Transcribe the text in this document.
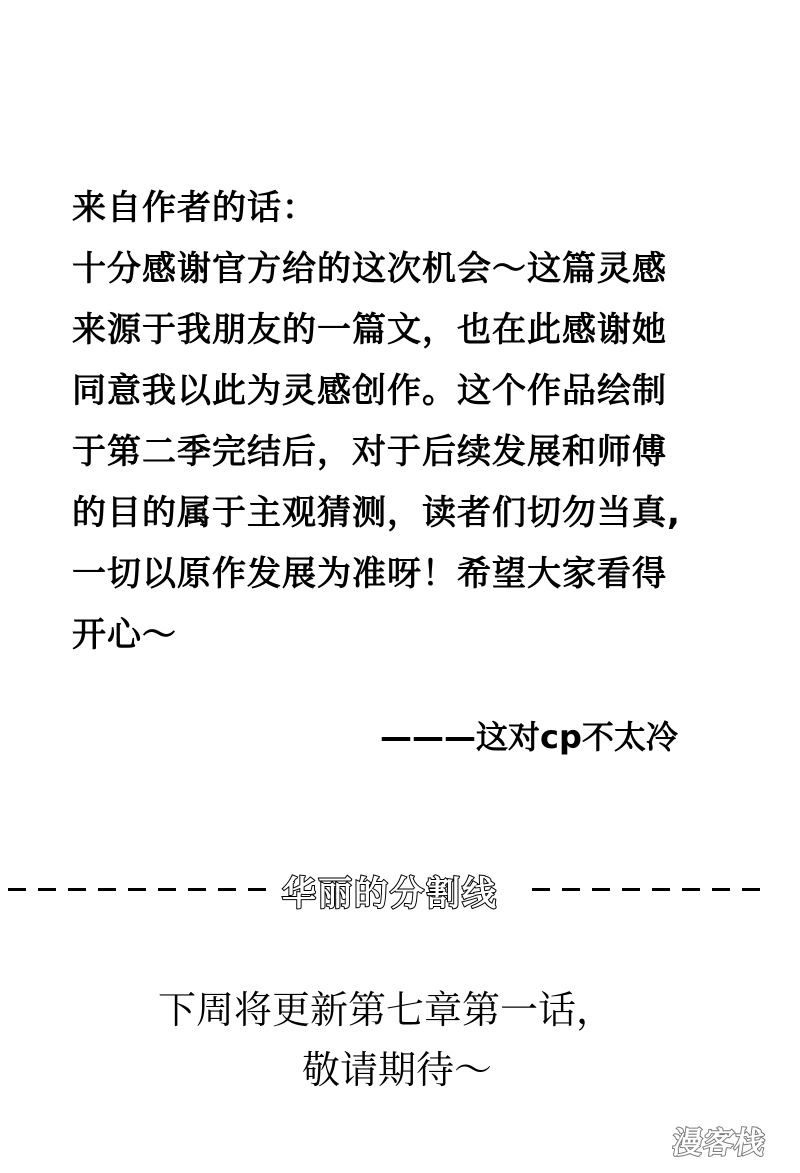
来自作者的话：
十分感谢官方给的这次机会～这篇灵感
来源于我朋友的一篇文，也在此感谢她
同意我以此为灵感创作。这个作品绘制
于第二季完结后，对于后续发展和师傅
的目的属于主观猜测，读者们切勿当真,
一切以原作发展为准呀！希望大家看得
开心～
———这对cp不太冷
华丽的分割线
下周将更新第七章第一话，
敬请期待～
漫客栈
